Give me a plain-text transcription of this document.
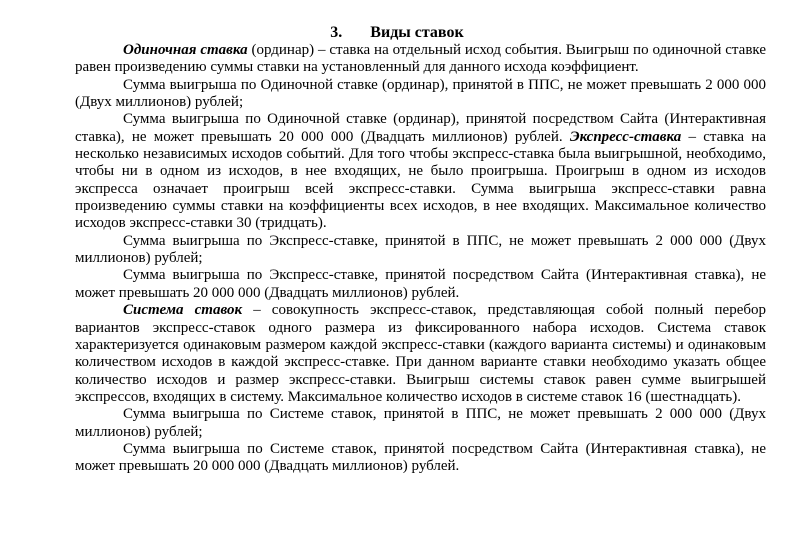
3. Виды ставок

Одиночная ставка (ординар) – ставка на отдельный исход события. Выигрыш по одиночной ставке равен произведению суммы ставки на установленный для данного исхода коэффициент.

Сумма выигрыша по Одиночной ставке (ординар), принятой в ППС, не может превышать 2 000 000 (Двух миллионов) рублей;

Сумма выигрыша по Одиночной ставке (ординар), принятой посредством Сайта (Интерактивная ставка), не может превышать 20 000 000 (Двадцать миллионов) рублей. Экспресс-ставка – ставка на несколько независимых исходов событий. Для того чтобы экспресс-ставка была выигрышной, необходимо, чтобы ни в одном из исходов, в нее входящих, не было проигрыша. Проигрыш в одном из исходов экспресса означает проигрыш всей экспресс-ставки. Сумма выигрыша экспресс-ставки равна произведению суммы ставки на коэффициенты всех исходов, в нее входящих. Максимальное количество исходов экспресс-ставки 30 (тридцать).

Сумма выигрыша по Экспресс-ставке, принятой в ППС, не может превышать 2 000 000 (Двух миллионов) рублей;

Сумма выигрыша по Экспресс-ставке, принятой посредством Сайта (Интерактивная ставка), не может превышать 20 000 000 (Двадцать миллионов) рублей.

Система ставок – совокупность экспресс-ставок, представляющая собой полный перебор вариантов экспресс-ставок одного размера из фиксированного набора исходов. Система ставок характеризуется одинаковым размером каждой экспресс-ставки (каждого варианта системы) и одинаковым количеством исходов в каждой экспресс-ставке. При данном варианте ставки необходимо указать общее количество исходов и размер экспресс-ставки. Выигрыш системы ставок равен сумме выигрышей экспрессов, входящих в систему. Максимальное количество исходов в системе ставок 16 (шестнадцать).

Сумма выигрыша по Системе ставок, принятой в ППС, не может превышать 2 000 000 (Двух миллионов) рублей;

Сумма выигрыша по Системе ставок, принятой посредством Сайта (Интерактивная ставка), не может превышать 20 000 000 (Двадцать миллионов) рублей.
